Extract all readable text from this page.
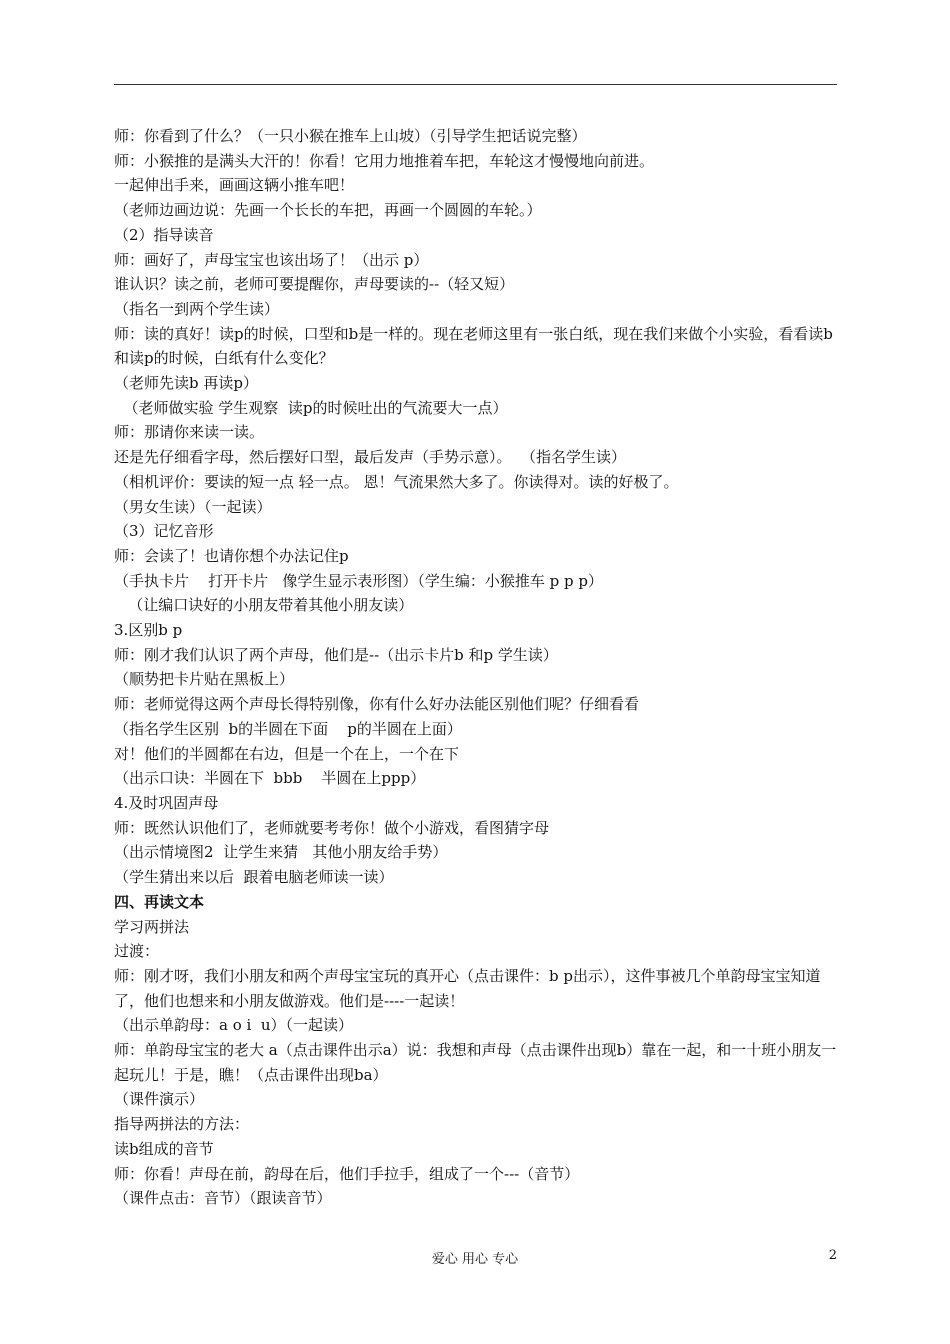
师：你看到了什么？（一只小猴在推车上山坡）（引导学生把话说完整）
师：小猴推的是满头大汗的！你看！它用力地推着车把，车轮这才慢慢地向前进。
一起伸出手来，画画这辆小推车吧！
（老师边画边说：先画一个长长的车把，再画一个圆圆的车轮。）
（2）指导读音
师：画好了，声母宝宝也该出场了！（出示 p）
谁认识？读之前，老师可要提醒你，声母要读的--（轻又短）
（指名一到两个学生读）
师：读的真好！读p的时候，口型和b是一样的。现在老师这里有一张白纸，现在我们来做个小实验，看看读b和读p的时候，白纸有什么变化？
（老师先读b 再读p）
（老师做实验 学生观察  读p的时候吐出的气流要大一点）
师：那请你来读一读。
还是先仔细看字母，然后摆好口型，最后发声（手势示意）。  （指名学生读）
（相机评价：要读的短一点 轻一点。 恩！气流果然大多了。你读得对。读的好极了。
（男女生读）（一起读）
（3）记忆音形
师：会读了！也请你想个办法记住p
（手执卡片    打开卡片   像学生显示表形图）（学生编：小猴推车 p p p）
（让编口诀好的小朋友带着其他小朋友读）
3.区别b p
师：刚才我们认识了两个声母，他们是--（出示卡片b 和p 学生读）
（顺势把卡片贴在黑板上）
师：老师觉得这两个声母长得特别像，你有什么好办法能区别他们呢？仔细看看
（指名学生区别  b的半圆在下面    p的半圆在上面）
对！他们的半圆都在右边，但是一个在上，一个在下
（出示口诀：半圆在下  bbb    半圆在上ppp）
4.及时巩固声母
师：既然认识他们了，老师就要考考你！做个小游戏，看图猜字母
（出示情境图2  让学生来猜   其他小朋友给手势）
（学生猜出来以后  跟着电脑老师读一读）
四、再读文本
学习两拼法
过渡：
师：刚才呀，我们小朋友和两个声母宝宝玩的真开心（点击课件：b p出示），这件事被几个单韵母宝宝知道了，他们也想来和小朋友做游戏。他们是----一起读！
（出示单韵母：a o i  u）（一起读）
师：单韵母宝宝的老大 a（点击课件出示a）说：我想和声母（点击课件出现b）靠在一起，和一十班小朋友一起玩儿！于是，瞧！（点击课件出现ba）
（课件演示）
指导两拼法的方法：
读b组成的音节
师：你看！声母在前，韵母在后，他们手拉手，组成了一个---（音节）
（课件点击：音节）（跟读音节）
爱心 用心 专心	2
